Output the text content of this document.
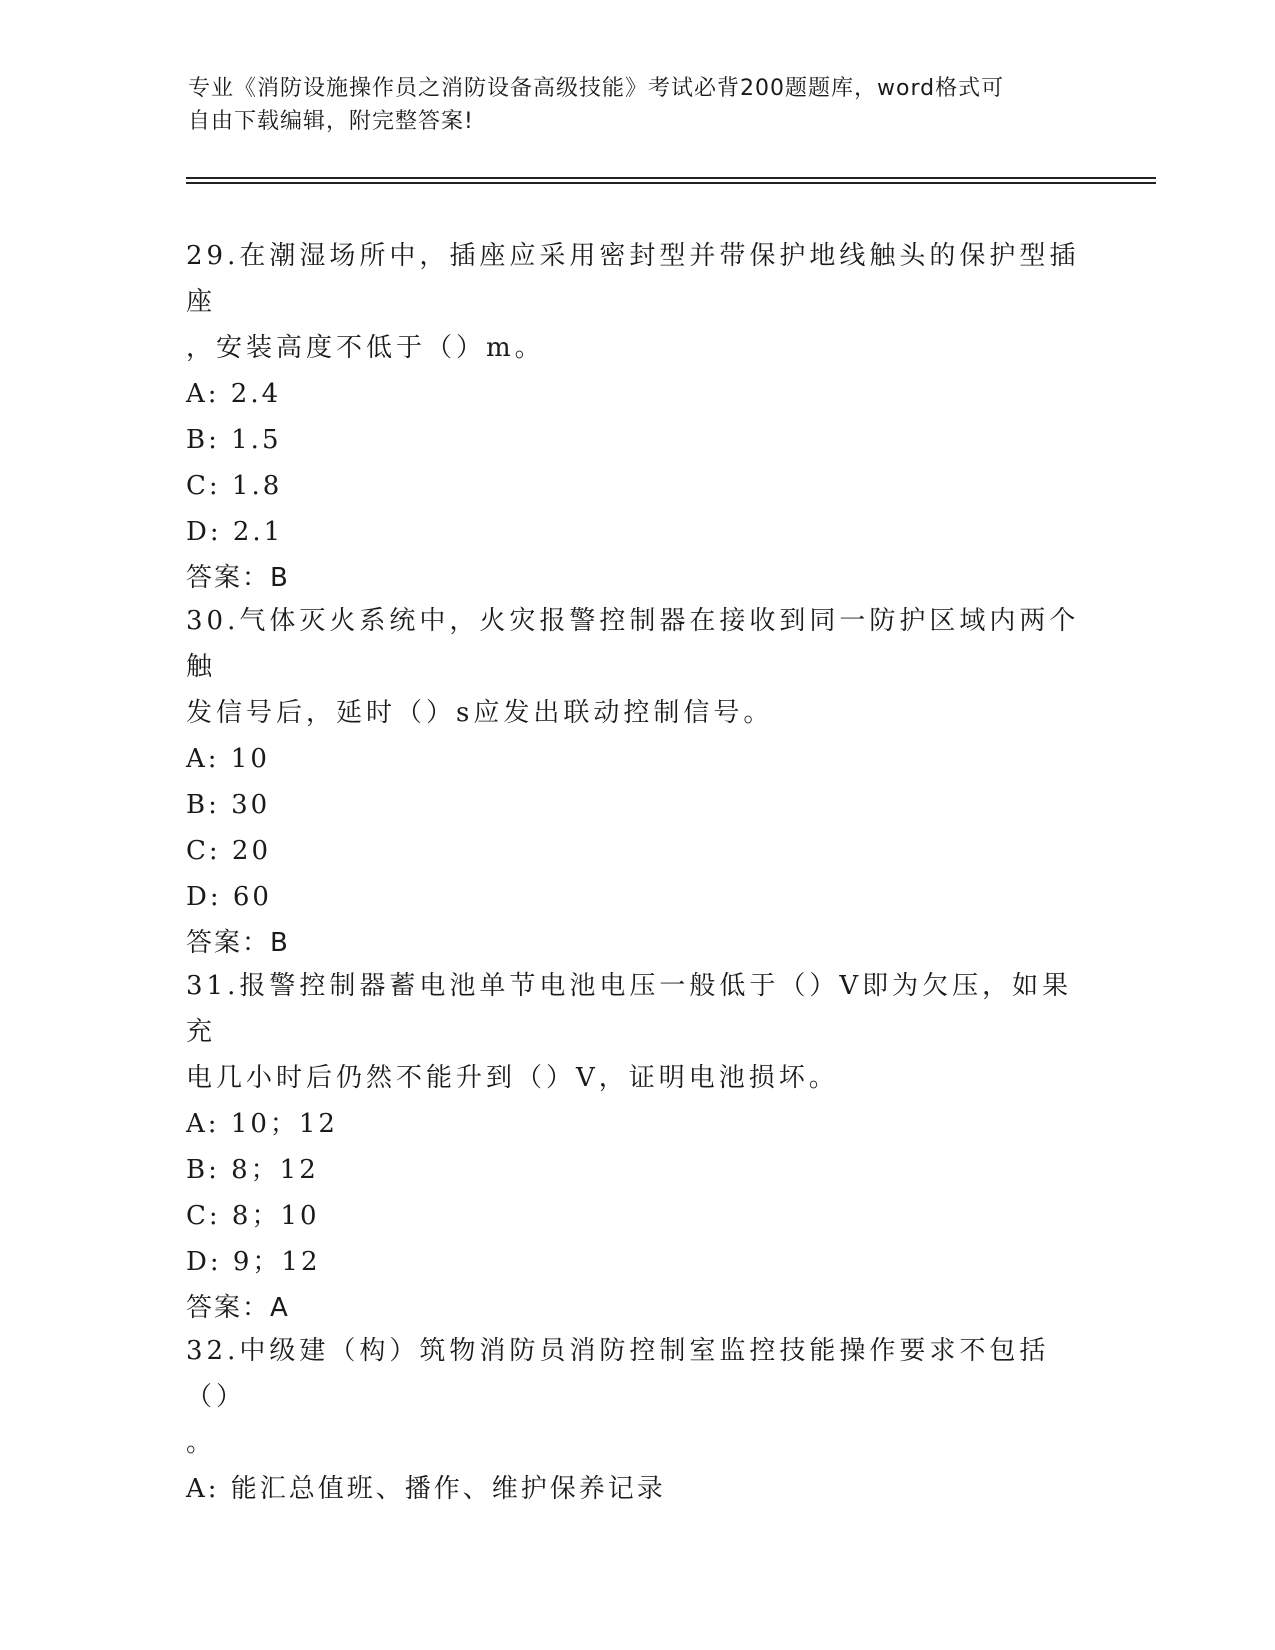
专业《消防设施操作员之消防设备高级技能》考试必背200题题库，word格式可
自由下载编辑，附完整答案!

29.在潮湿场所中，插座应采用密封型并带保护地线触头的保护型插座

，安装高度不低于（）m。

A: 2.4

B: 1.5

C: 1.8

D: 2.1

答案：B

30.气体灭火系统中，火灾报警控制器在接收到同一防护区域内两个触

发信号后，延时（）s应发出联动控制信号。

A: 10

B: 30

C: 20

D: 60

答案：B

31.报警控制器蓄电池单节电池电压一般低于（）V即为欠压，如果充

电几小时后仍然不能升到（）V，证明电池损坏。

A: 10；12

B: 8；12

C: 8；10

D: 9；12

答案：A

32.中级建（构）筑物消防员消防控制室监控技能操作要求不包括（）

。

A: 能汇总值班、播作、维护保养记录
